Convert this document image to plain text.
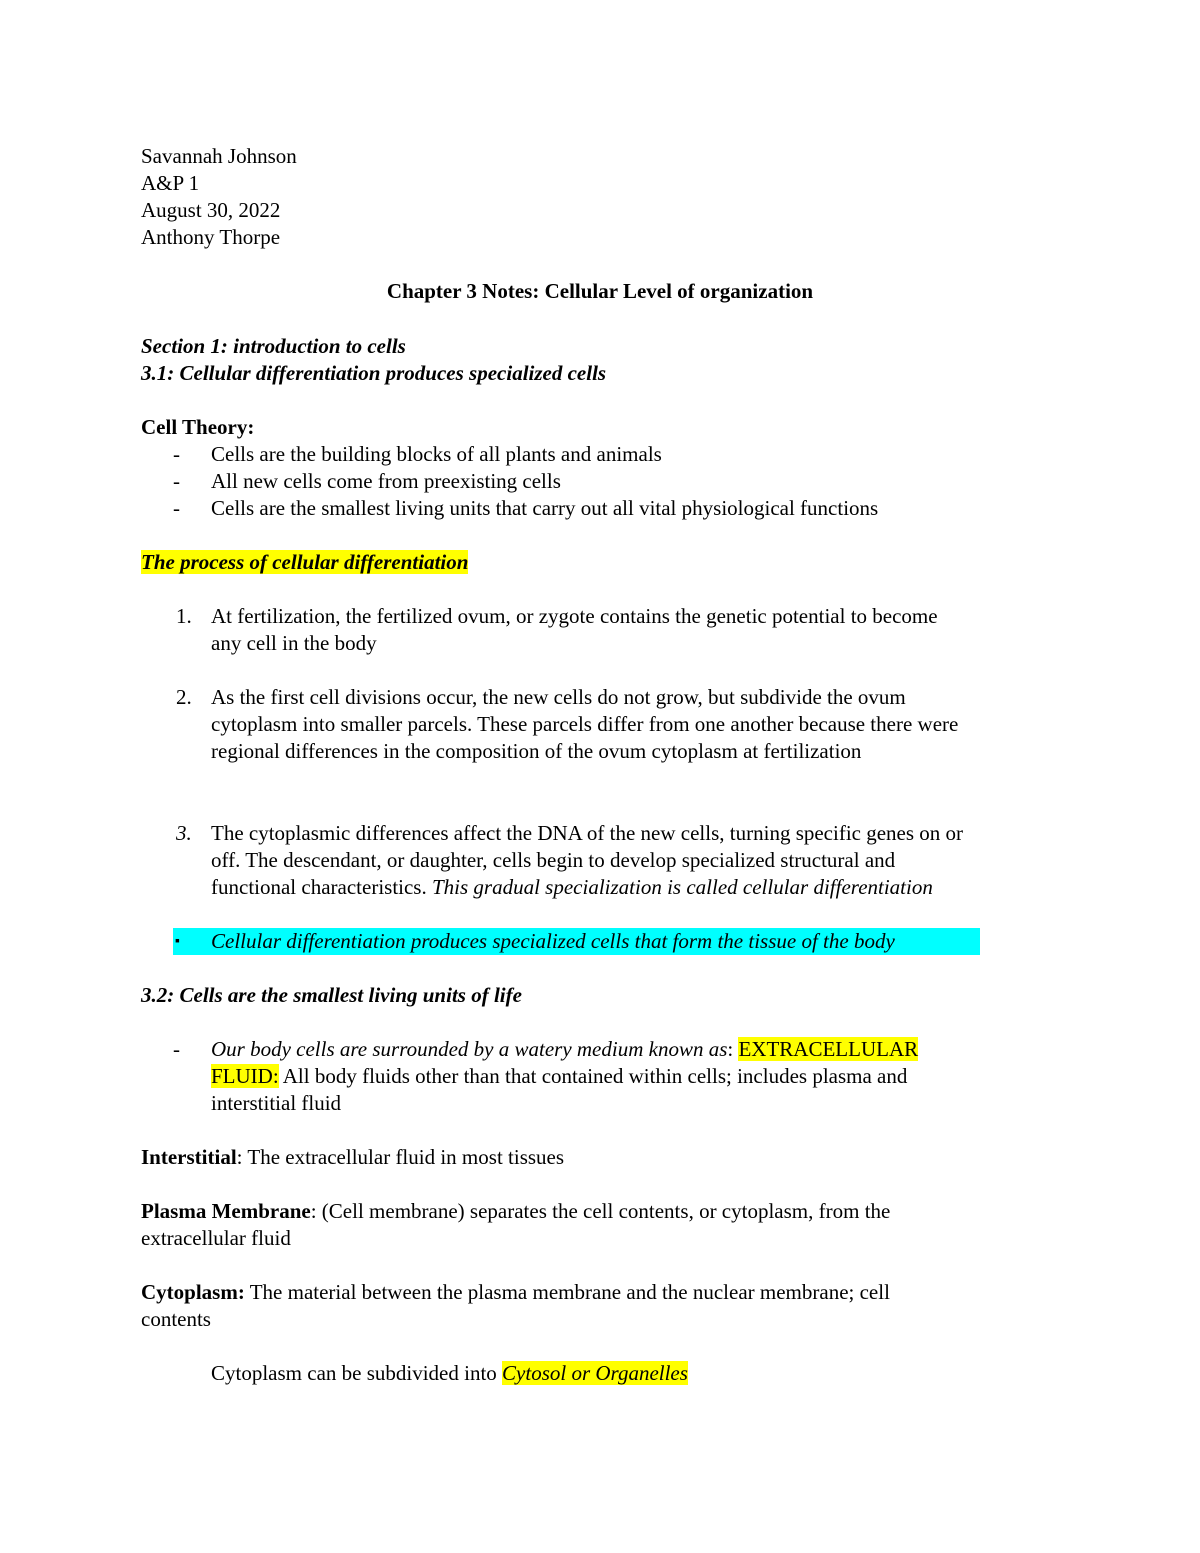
Savannah Johnson
A&P 1
August 30, 2022
Anthony Thorpe
Chapter 3 Notes: Cellular Level of organization
Section 1: introduction to cells
3.1: Cellular differentiation produces specialized cells
Cell Theory:
- Cells are the building blocks of all plants and animals
- All new cells come from preexisting cells
- Cells are the smallest living units that carry out all vital physiological functions
The process of cellular differentiation
1. At fertilization, the fertilized ovum, or zygote contains the genetic potential to become
any cell in the body
2. As the first cell divisions occur, the new cells do not grow, but subdivide the ovum
cytoplasm into smaller parcels. These parcels differ from one another because there were
regional differences in the composition of the ovum cytoplasm at fertilization
3. The cytoplasmic differences affect the DNA of the new cells, turning specific genes on or
off. The descendant, or daughter, cells begin to develop specialized structural and
functional characteristics. This gradual specialization is called cellular differentiation
▪ Cellular differentiation produces specialized cells that form the tissue of the body
3.2: Cells are the smallest living units of life
- Our body cells are surrounded by a watery medium known as: EXTRACELLULAR
FLUID: All body fluids other than that contained within cells; includes plasma and
interstitial fluid
Interstitial: The extracellular fluid in most tissues
Plasma Membrane: (Cell membrane) separates the cell contents, or cytoplasm, from the
extracellular fluid
Cytoplasm: The material between the plasma membrane and the nuclear membrane; cell
contents
Cytoplasm can be subdivided into Cytosol or Organelles
